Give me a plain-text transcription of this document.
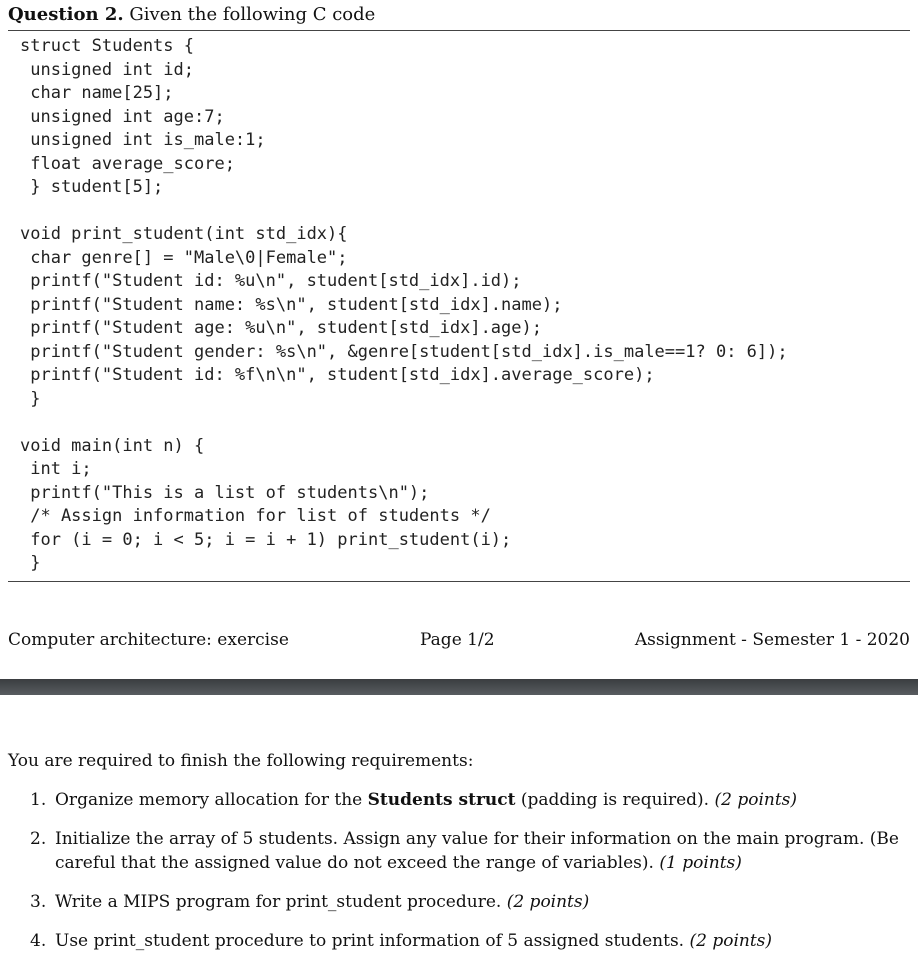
Question 2. Given the following C code
struct Students {
unsigned int id;
char name[25];
unsigned int age:7;
unsigned int is_male:1;
float average_score;
} student[5];
void print_student(int std_idx){
char genre[] = "Male\0|Female";
printf("Student id: %u\n", student[std_idx].id);
printf("Student name: %s\n", student[std_idx].name);
printf("Student age: %u\n", student[std_idx].age);
printf("Student gender: %s\n", &genre[student[std_idx].is_male==1? 0: 6]);
printf("Student id: %f\n\n", student[std_idx].average_score);
}
void main(int n) {
int i;
printf("This is a list of students\n");
/* Assign information for list of students */
for (i = 0; i < 5; i = i + 1) print_student(i);
}
Computer architecture: exercise	Page 1/2	Assignment - Semester 1 - 2020
You are required to finish the following requirements:
1. Organize memory allocation for the Students struct (padding is required). (2 points)
2. Initialize the array of 5 students. Assign any value for their information on the main program. (Be careful that the assigned value do not exceed the range of variables). (1 points)
3. Write a MIPS program for print_student procedure. (2 points)
4. Use print_student procedure to print information of 5 assigned students. (2 points)
